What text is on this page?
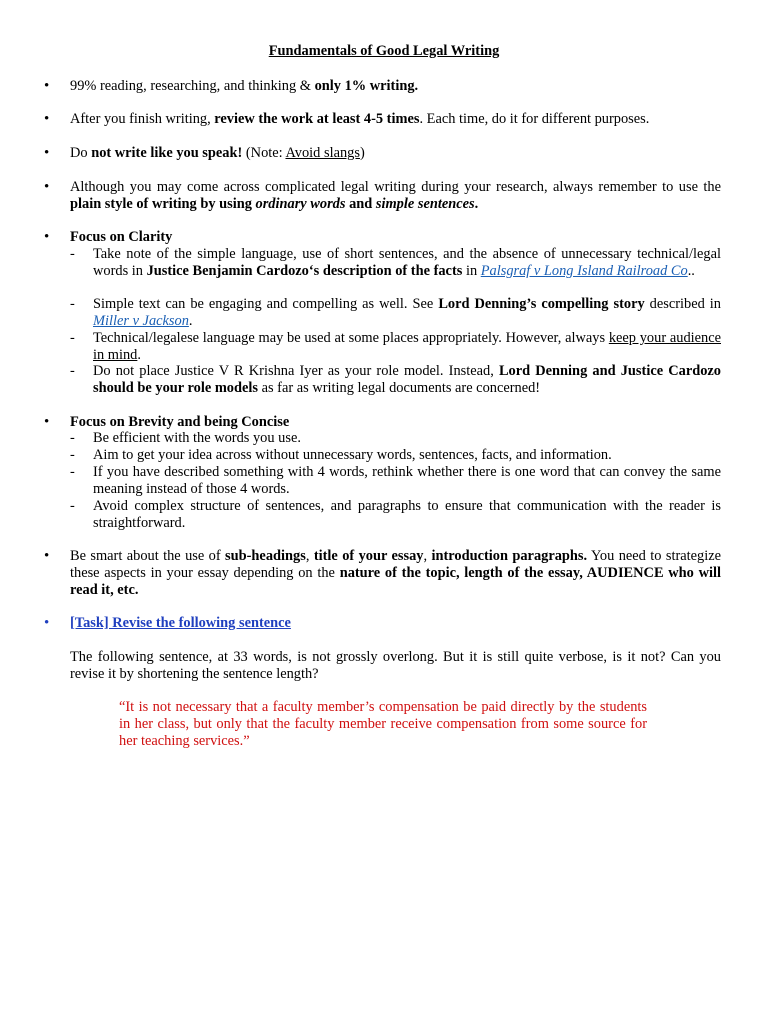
Fundamentals of Good Legal Writing
• 99% reading, researching, and thinking & only 1% writing.
• After you finish writing, review the work at least 4-5 times. Each time, do it for different purposes.
• Do not write like you speak! (Note: Avoid slangs)
• Although you may come across complicated legal writing during your research, always remember to use the plain style of writing by using ordinary words and simple sentences.
• Focus on Clarity
- Take note of the simple language, use of short sentences, and the absence of unnecessary technical/legal words in Justice Benjamin Cardozo‘s description of the facts in Palsgraf v Long Island Railroad Co..
- Simple text can be engaging and compelling as well. See Lord Denning’s compelling story described in Miller v Jackson.
- Technical/legalese language may be used at some places appropriately. However, always keep your audience in mind.
- Do not place Justice V R Krishna Iyer as your role model. Instead, Lord Denning and Justice Cardozo should be your role models as far as writing legal documents are concerned!
• Focus on Brevity and being Concise
- Be efficient with the words you use.
- Aim to get your idea across without unnecessary words, sentences, facts, and information.
- If you have described something with 4 words, rethink whether there is one word that can convey the same meaning instead of those 4 words.
- Avoid complex structure of sentences, and paragraphs to ensure that communication with the reader is straightforward.
• Be smart about the use of sub-headings, title of your essay, introduction paragraphs. You need to strategize these aspects in your essay depending on the nature of the topic, length of the essay, AUDIENCE who will read it, etc.
• [Task] Revise the following sentence
The following sentence, at 33 words, is not grossly overlong. But it is still quite verbose, is it not? Can you revise it by shortening the sentence length?
“It is not necessary that a faculty member’s compensation be paid directly by the students in her class, but only that the faculty member receive compensation from some source for her teaching services.”
